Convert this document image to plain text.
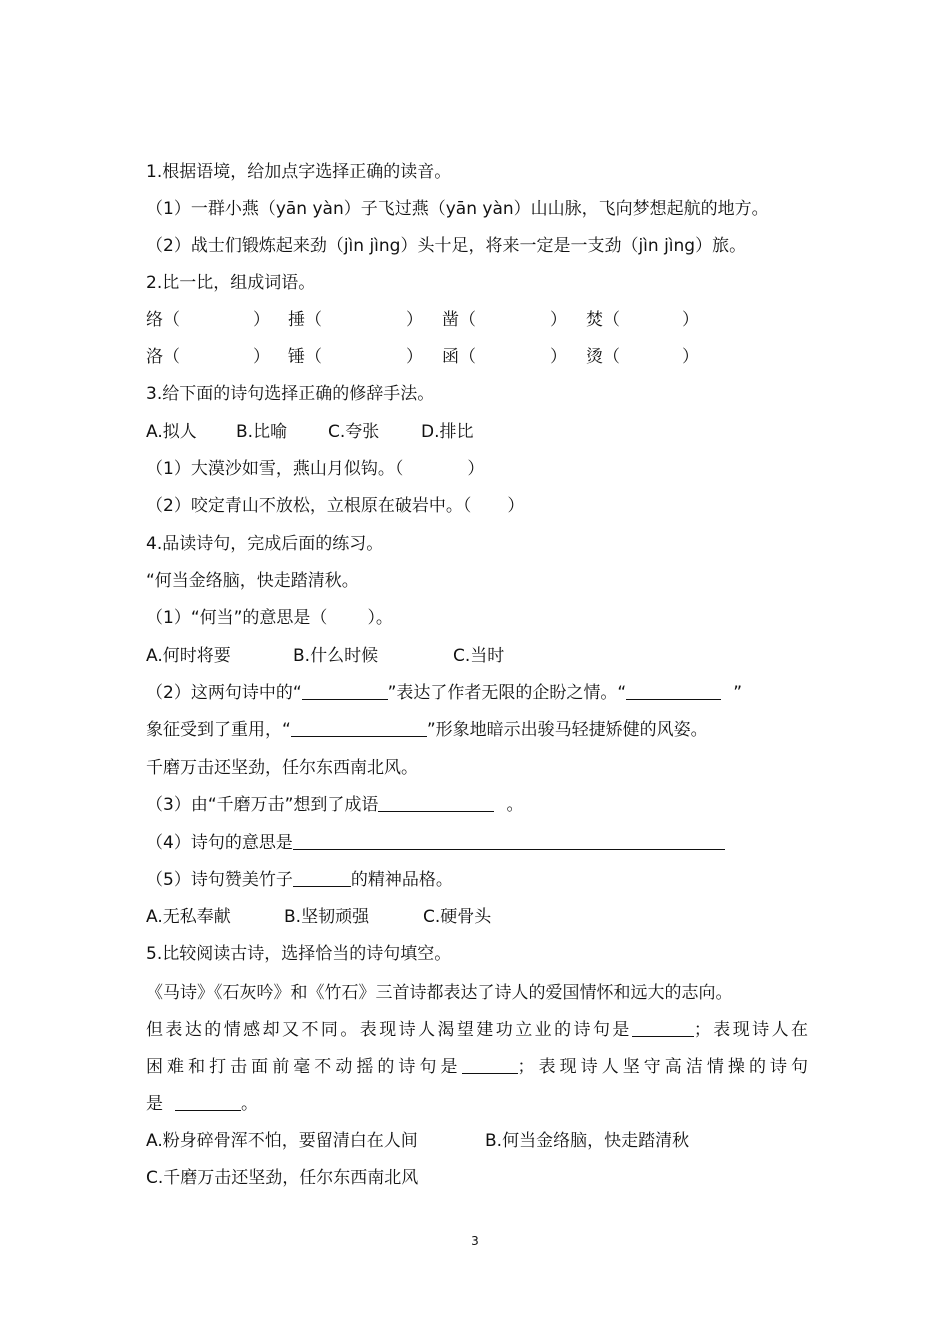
1.根据语境，给加点字选择正确的读音。
（1）一群小燕（yān yàn）子飞过燕（yān yàn）山山脉，飞向梦想起航的地方。
（2）战士们锻炼起来劲（jìn jìng）头十足，将来一定是一支劲（jìn jìng）旅。
2.比一比，组成词语。
络（	） 捶（	） 凿（	） 焚（	）
洛（	） 锤（	） 函（	） 烫（	）
3.给下面的诗句选择正确的修辞手法。
A.拟人 B.比喻 C.夸张 D.排比
（1）大漠沙如雪，燕山月似钩。（	）
（2）咬定青山不放松，立根原在破岩中。（ ）
4.品读诗句，完成后面的练习。
“何当金络脑，快走踏清秋。
（1）“何当”的意思是（ ）。
A.何时将要	B.什么时候	C.当时
（2）这两句诗中的“	”表达了作者无限的企盼之情。“	”
象征受到了重用，“	”形象地暗示出骏马轻捷矫健的风姿。
千磨万击还坚劲，任尔东西南北风。
（3）由“千磨万击”想到了成语	。
（4）诗句的意思是
（5）诗句赞美竹子	的精神品格。
A.无私奉献	B.坚韧顽强	C.硬骨头
5.比较阅读古诗，选择恰当的诗句填空。
《马诗》《石灰吟》和《竹石》三首诗都表达了诗人的爱国情怀和远大的志向。
但表达的情感却又不同。表现诗人渴望建功立业的诗句是	；表现诗人在
困难和打击面前毫不动摇的诗句是	；表现诗人坚守高洁情操的诗句
是	。
A.粉身碎骨浑不怕，要留清白在人间	B.何当金络脑，快走踏清秋
C.千磨万击还坚劲，任尔东西南北风
3
